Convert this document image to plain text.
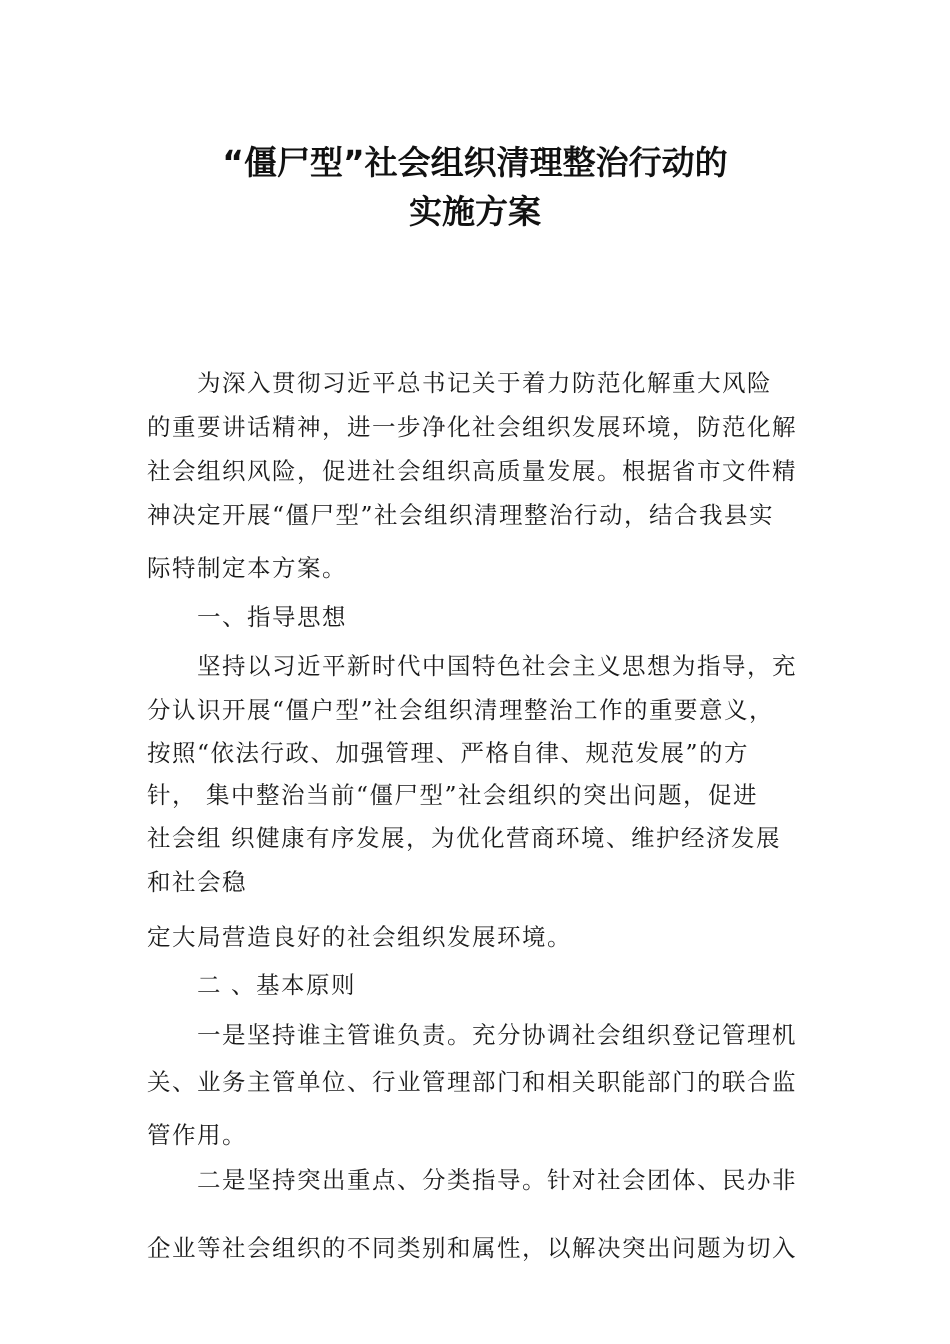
“僵尸型”社会组织清理整治行动的
实施方案
为深入贯彻习近平总书记关于着力防范化解重大风险
的重要讲话精神，进一步净化社会组织发展环境，防范化解
社会组织风险，促进社会组织高质量发展。根据省市文件精
神决定开展“僵尸型”社会组织清理整治行动，结合我县实
际特制定本方案。
一、指导思想
坚持以习近平新时代中国特色社会主义思想为指导，充
分认识开展“僵户型”社会组织清理整治工作的重要意义，
按照“依法行政、加强管理、严格自律、规范发展”的方
针， 集中整治当前“僵尸型”社会组织的突出问题，促进
社会组 织健康有序发展，为优化营商环境、维护经济发展
和社会稳
定大局营造良好的社会组织发展环境。
二 、基本原则
一是坚持谁主管谁负责。充分协调社会组织登记管理机
关、业务主管单位、行业管理部门和相关职能部门的联合监
管作用。
二是坚持突出重点、分类指导。针对社会团体、民办非
企业等社会组织的不同类别和属性，以解决突出问题为切入
